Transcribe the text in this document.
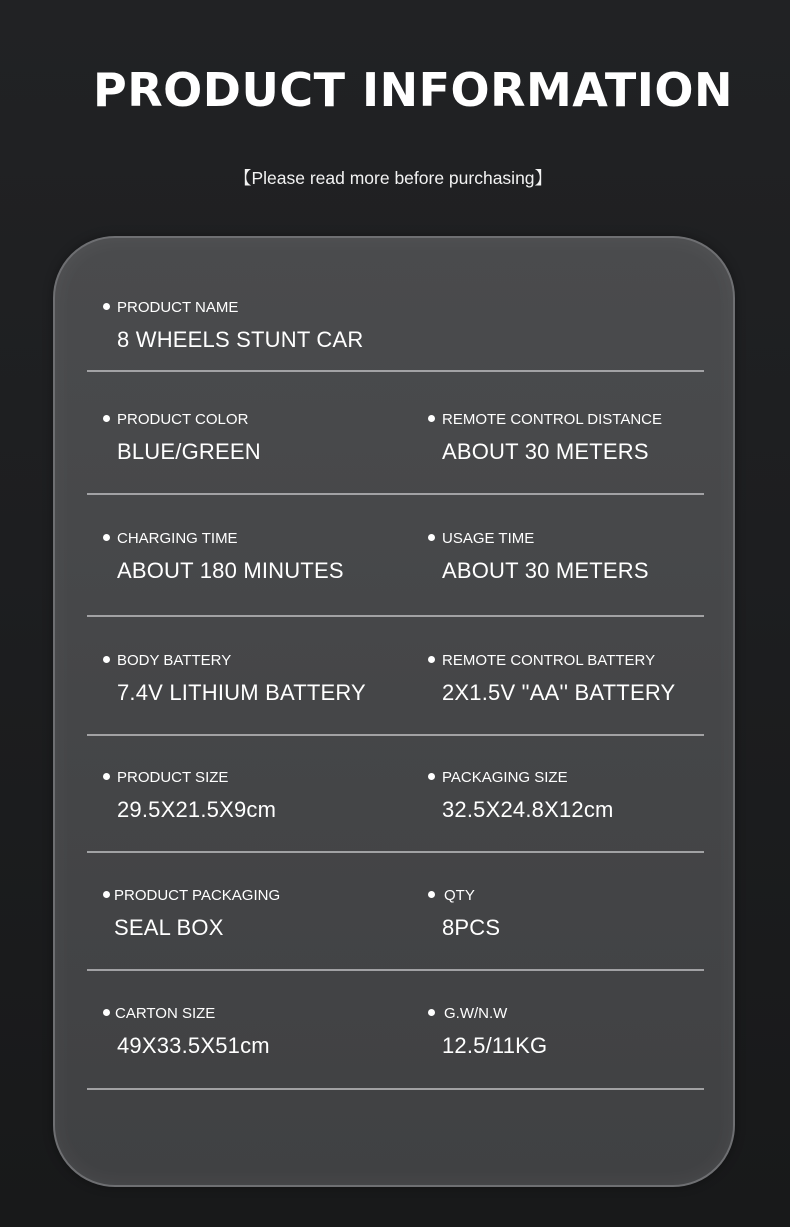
PRODUCT INFORMATION
【Please read more before purchasing】
PRODUCT NAME
8 WHEELS STUNT CAR
PRODUCT COLOR
BLUE/GREEN
REMOTE CONTROL DISTANCE
ABOUT 30 METERS
CHARGING TIME
ABOUT 180 MINUTES
USAGE TIME
ABOUT 30 METERS
BODY BATTERY
7.4V LITHIUM BATTERY
REMOTE CONTROL BATTERY
2X1.5V "AA'' BATTERY
PRODUCT SIZE
29.5X21.5X9cm
PACKAGING SIZE
32.5X24.8X12cm
PRODUCT PACKAGING
SEAL BOX
QTY
8PCS
CARTON SIZE
49X33.5X51cm
G.W/N.W
12.5/11KG
